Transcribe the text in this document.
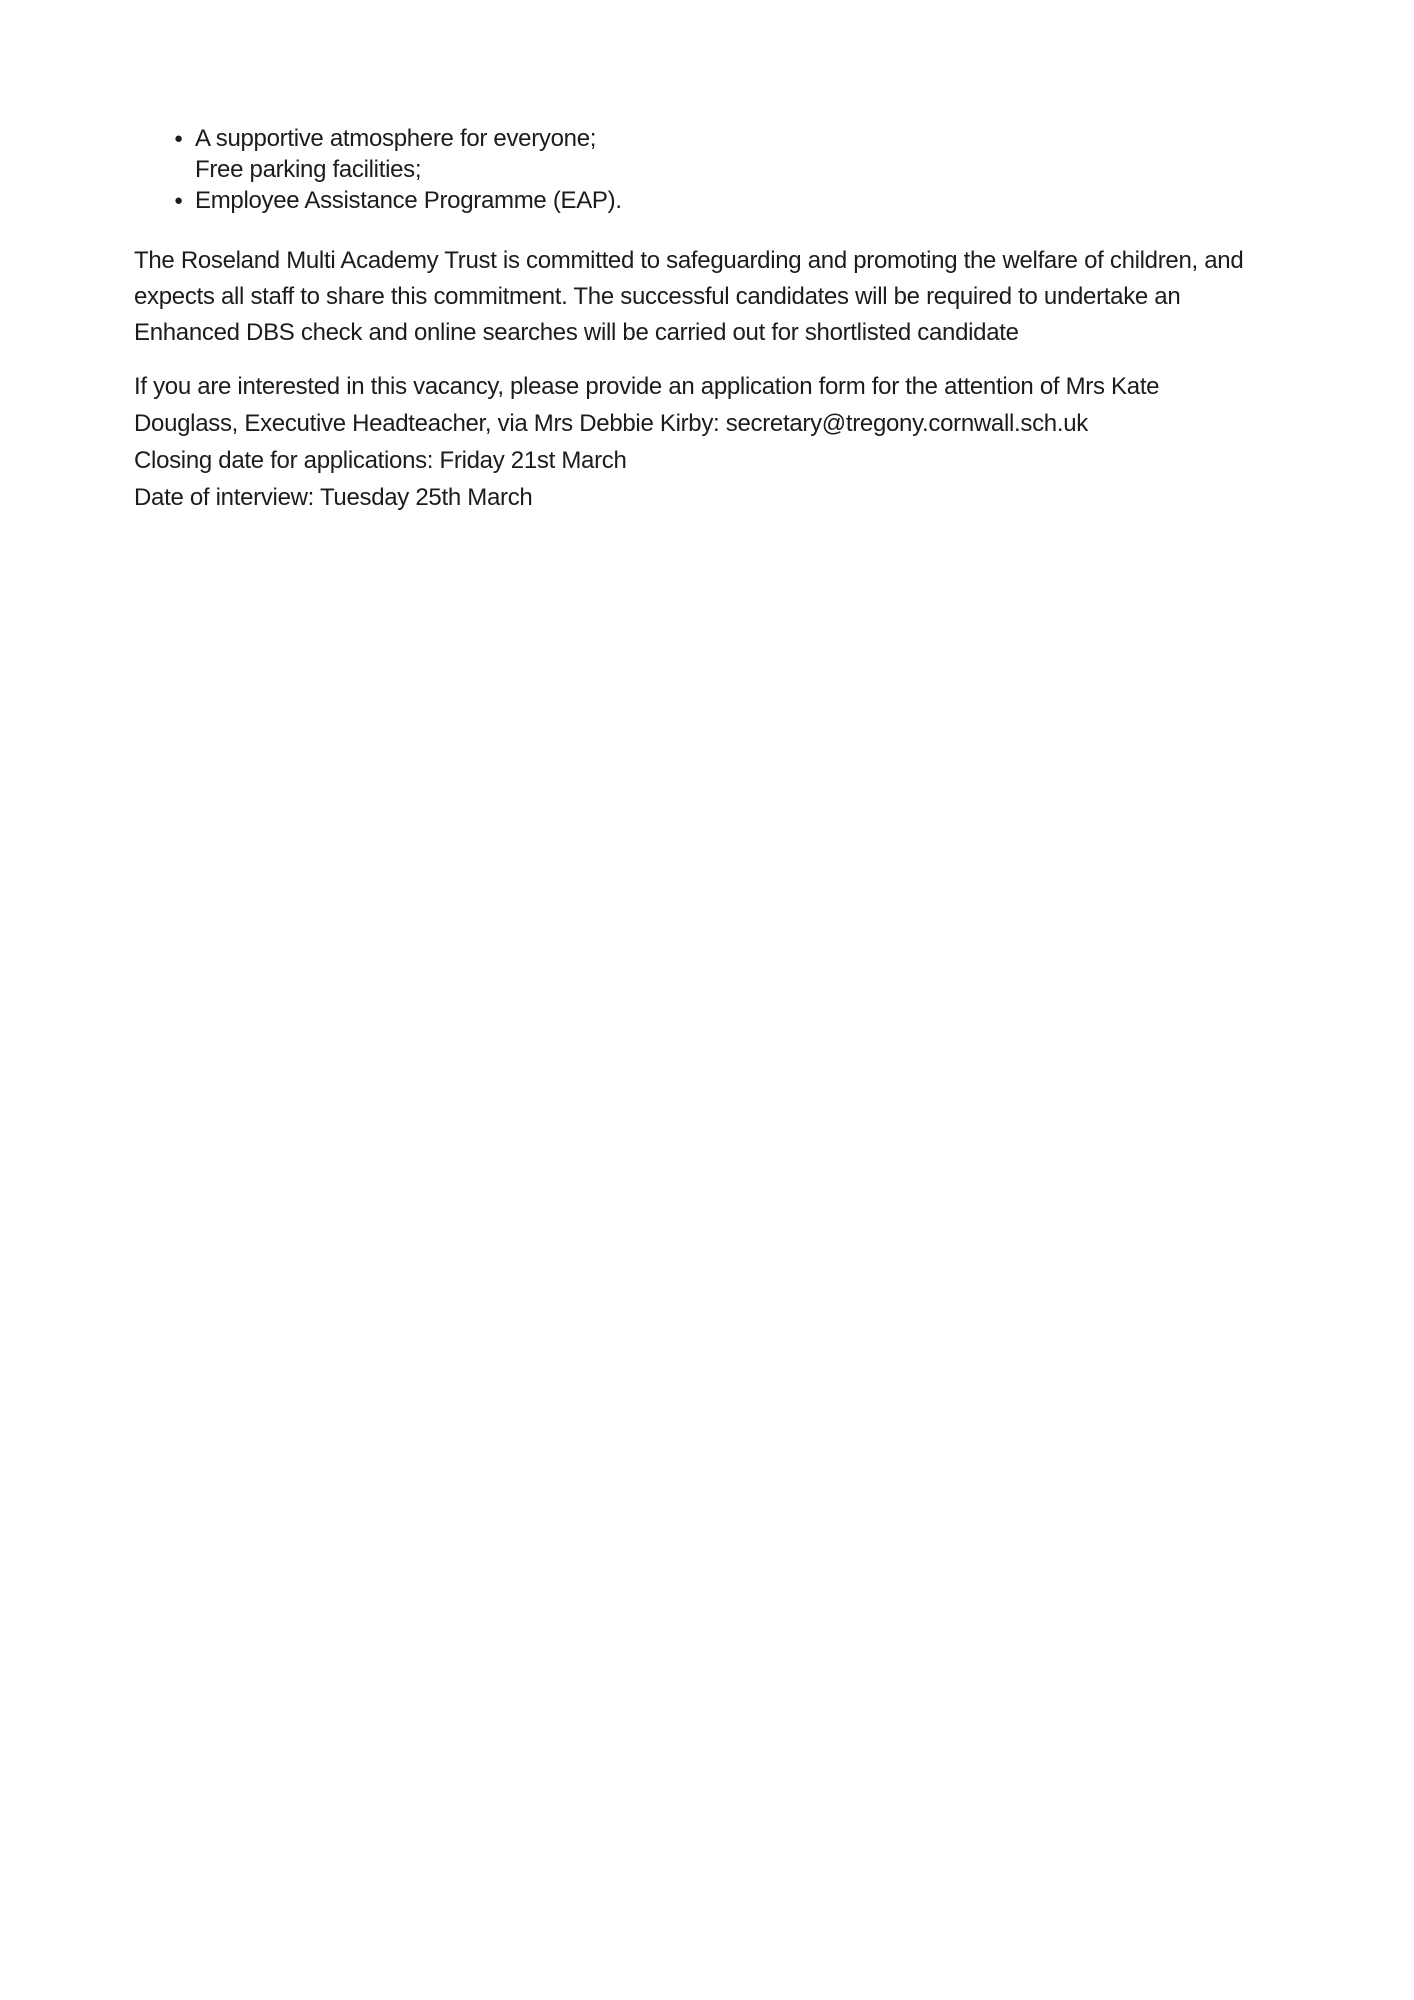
● A supportive atmosphere for everyone;
Free parking facilities;
● Employee Assistance Programme (EAP).
The Roseland Multi Academy Trust is committed to safeguarding and promoting the welfare of children, and
expects all staff to share this commitment. The successful candidates will be required to undertake an
Enhanced DBS check and online searches will be carried out for shortlisted candidate
If you are interested in this vacancy, please provide an application form for the attention of Mrs Kate
Douglass, Executive Headteacher, via Mrs Debbie Kirby: secretary@tregony.cornwall.sch.uk
Closing date for applications: Friday 21st March
Date of interview: Tuesday 25th March
